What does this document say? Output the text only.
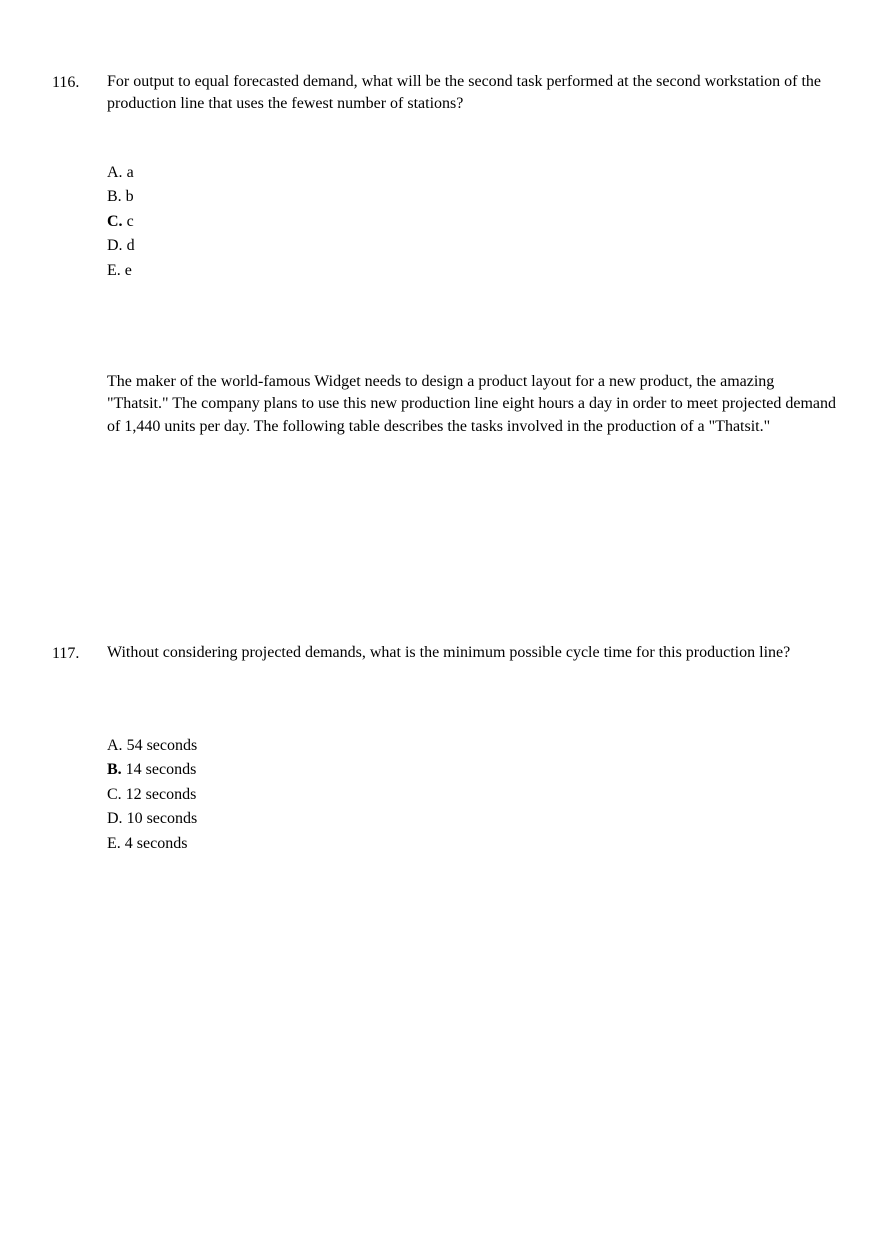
116. For output to equal forecasted demand, what will be the second task performed at the second workstation of the production line that uses the fewest number of stations?
A. a
B. b
C. c
D. d
E. e
The maker of the world-famous Widget needs to design a product layout for a new product, the amazing "Thatsit." The company plans to use this new production line eight hours a day in order to meet projected demand of 1,440 units per day. The following table describes the tasks involved in the production of a "Thatsit."
117. Without considering projected demands, what is the minimum possible cycle time for this production line?
A. 54 seconds
B. 14 seconds
C. 12 seconds
D. 10 seconds
E. 4 seconds
